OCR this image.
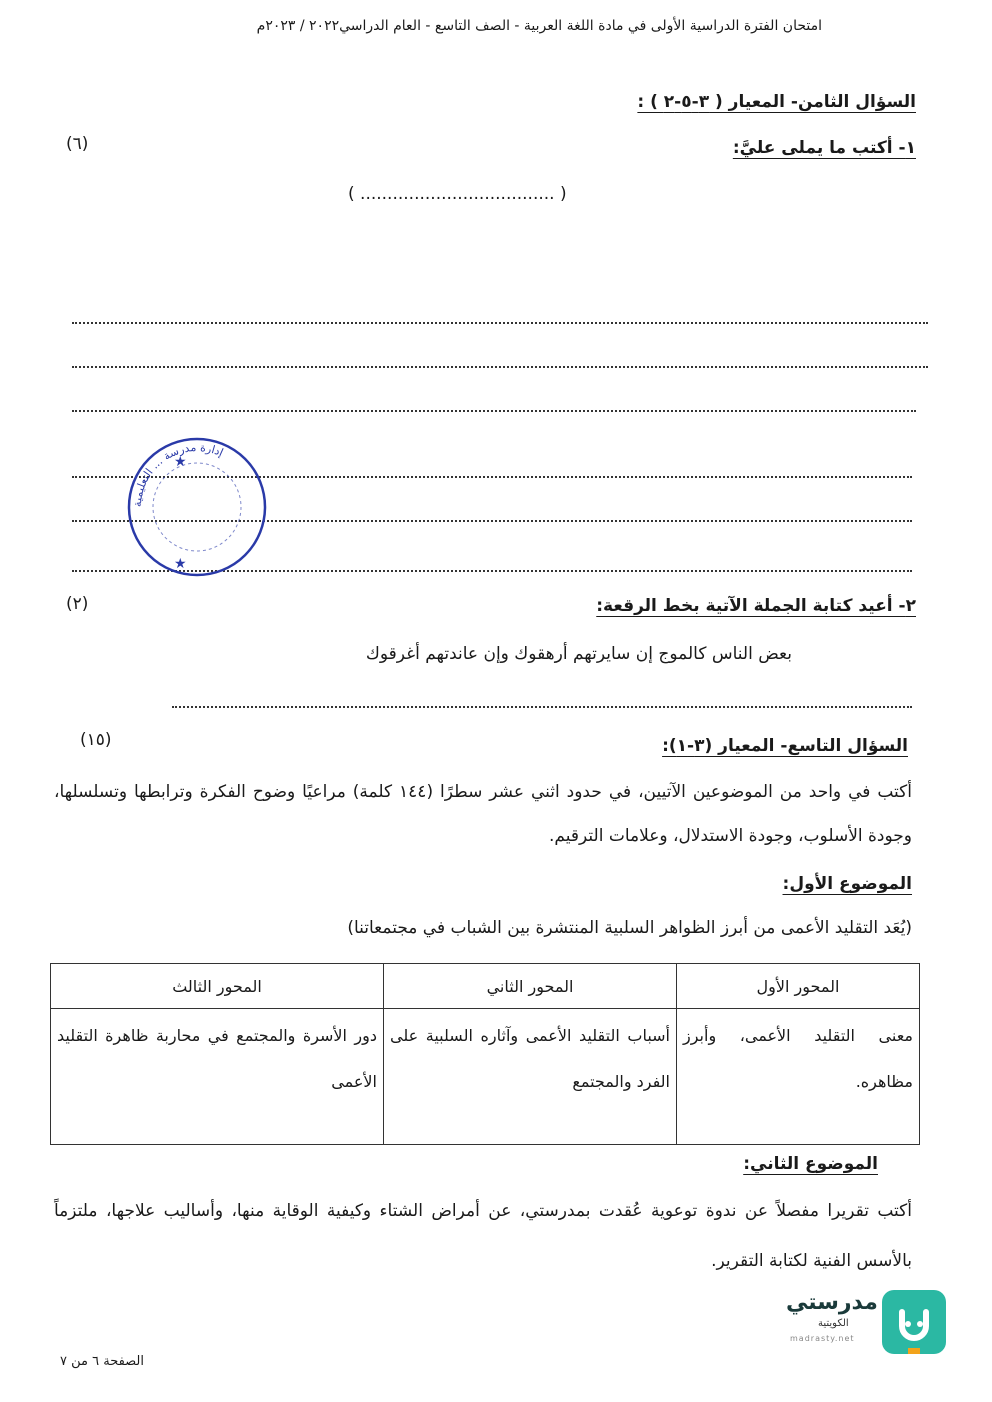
امتحان الفترة الدراسية الأولى في مادة اللغة العربية - الصف التاسع - العام الدراسي٢٠٢٢ / ٢٠٢٣م
السؤال الثامن- المعيار ( ٣-٥-٢ ) :
١- أكتب ما يملى عليَّ:
(٦)
( .................................... )
إدارة مدرسة ... التعليمية
★
★
٢- أعيد كتابة الجملة الآتية بخط الرقعة:
(٢)
بعض الناس كالموج إن سايرتهم أرهقوك وإن عاندتهم أغرقوك
السؤال التاسع- المعيار (٣-١):
(١٥)
أكتب في واحد من الموضوعين الآتيين، في حدود اثني عشر سطرًا (١٤٤ كلمة) مراعيًا وضوح الفكرة وترابطها وتسلسلها، وجودة الأسلوب، وجودة الاستدلال، وعلامات الترقيم.
الموضوع الأول:
(يُعَد التقليد الأعمى من أبرز الظواهر السلبية المنتشرة بين الشباب في مجتمعاتنا)
المحور الأول	المحور الثاني	المحور الثالث
معنى التقليد الأعمى، وأبرز مظاهره.	أسباب التقليد الأعمى وآثاره السلبية على الفرد والمجتمع	دور الأسرة والمجتمع في محاربة ظاهرة التقليد الأعمى
الموضوع الثاني:
أكتب تقريرا مفصلاً عن ندوة توعوية عُقدت بمدرستي، عن أمراض الشتاء وكيفية الوقاية منها، وأساليب علاجها، ملتزماً بالأسس الفنية لكتابة التقرير.
مدرستي
الكويتية
madrasty.net
الصفحة ٦ من ٧
